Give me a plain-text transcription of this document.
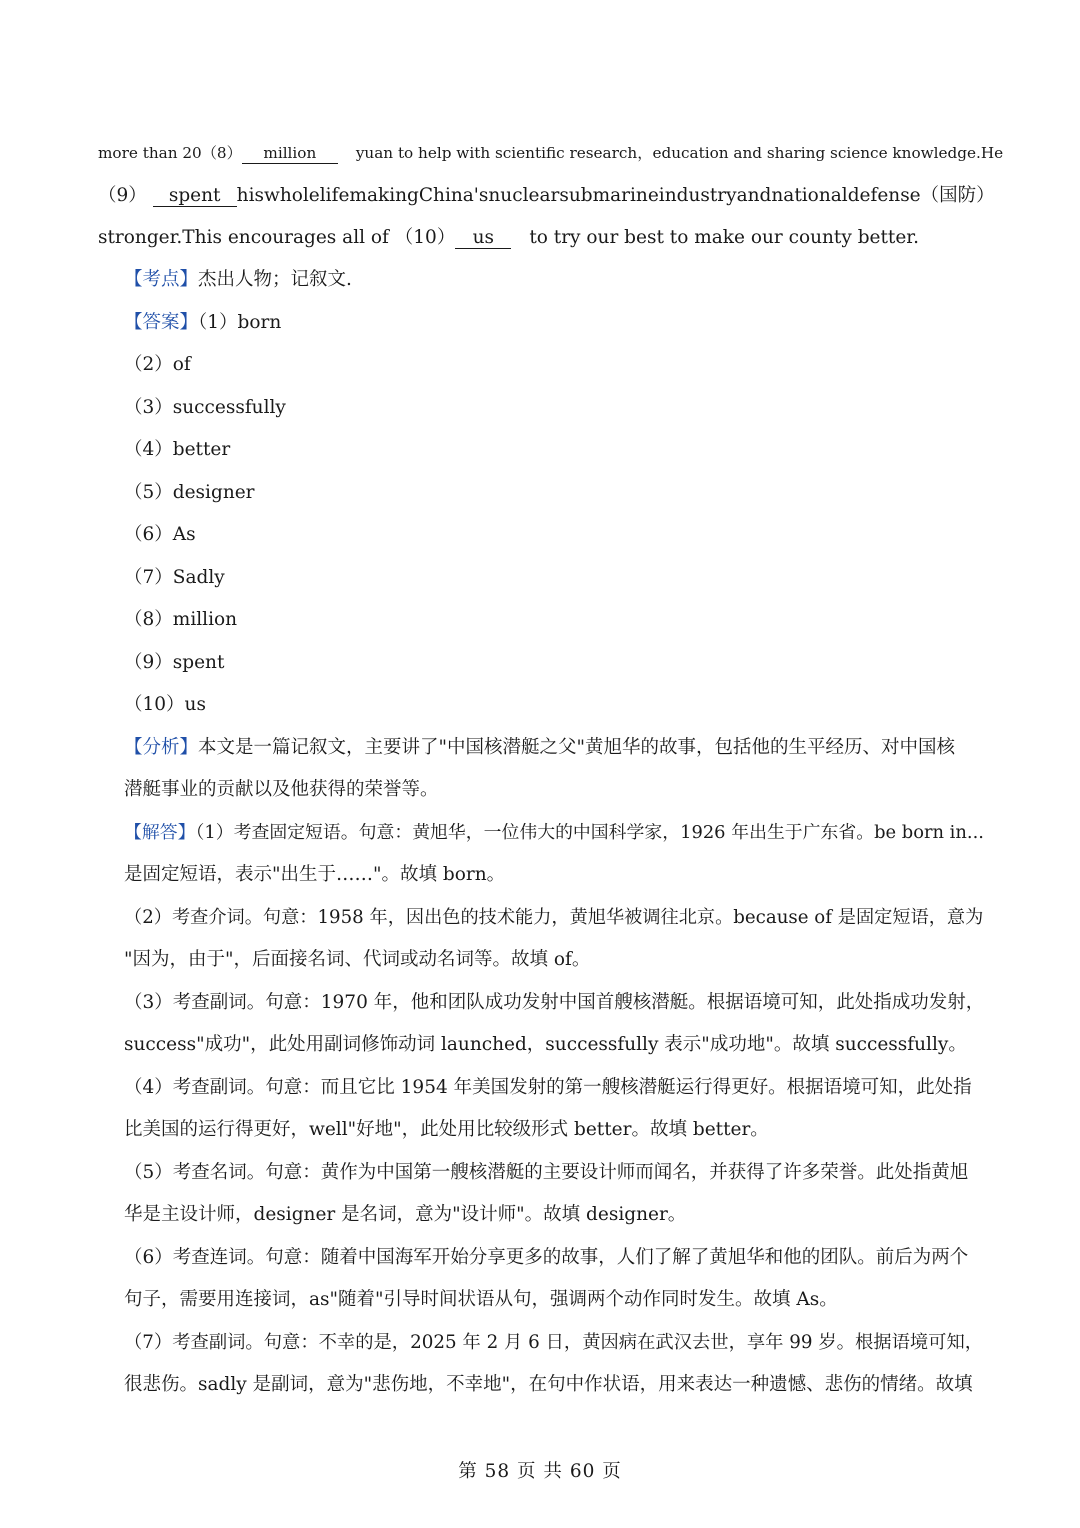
more than 20（8） million	yuan to help with scientific research，education and sharing science knowledge.He
（9） spent his whole life making China's nuclear submarine industry and national defense （国防）
stronger.This encourages all of （10） us to try our best to make our county better.
【考点】杰出人物；记叙文.
【答案】（1）born
（2）of
（3）successfully
（4）better
（5）designer
（6）As
（7）Sadly
（8）million
（9）spent
（10）us
【分析】本文是一篇记叙文，主要讲了"中国核潜艇之父"黄旭华的故事，包括他的生平经历、对中国核
潜艇事业的贡献以及他获得的荣誉等。
【解答】（1）考查固定短语。句意：黄旭华，一位伟大的中国科学家，1926 年出生于广东省。be born in...
是固定短语，表示"出生于……"。故填 born。
（2）考查介词。句意：1958 年，因出色的技术能力，黄旭华被调往北京。because of 是固定短语，意为
"因为，由于"，后面接名词、代词或动名词等。故填 of。
（3）考查副词。句意：1970 年，他和团队成功发射中国首艘核潜艇。根据语境可知，此处指成功发射，
success"成功"，此处用副词修饰动词 launched，successfully 表示"成功地"。故填 successfully。
（4）考查副词。句意：而且它比 1954 年美国发射的第一艘核潜艇运行得更好。根据语境可知，此处指
比美国的运行得更好，well"好地"，此处用比较级形式 better。故填 better。
（5）考查名词。句意：黄作为中国第一艘核潜艇的主要设计师而闻名，并获得了许多荣誉。此处指黄旭
华是主设计师，designer 是名词，意为"设计师"。故填 designer。
（6）考查连词。句意：随着中国海军开始分享更多的故事，人们了解了黄旭华和他的团队。前后为两个
句子，需要用连接词，as"随着"引导时间状语从句，强调两个动作同时发生。故填 As。
（7）考查副词。句意：不幸的是，2025 年 2 月 6 日，黄因病在武汉去世，享年 99 岁。根据语境可知，
很悲伤。sadly 是副词，意为"悲伤地，不幸地"，在句中作状语，用来表达一种遗憾、悲伤的情绪。故填
第 58 页 共 60 页
